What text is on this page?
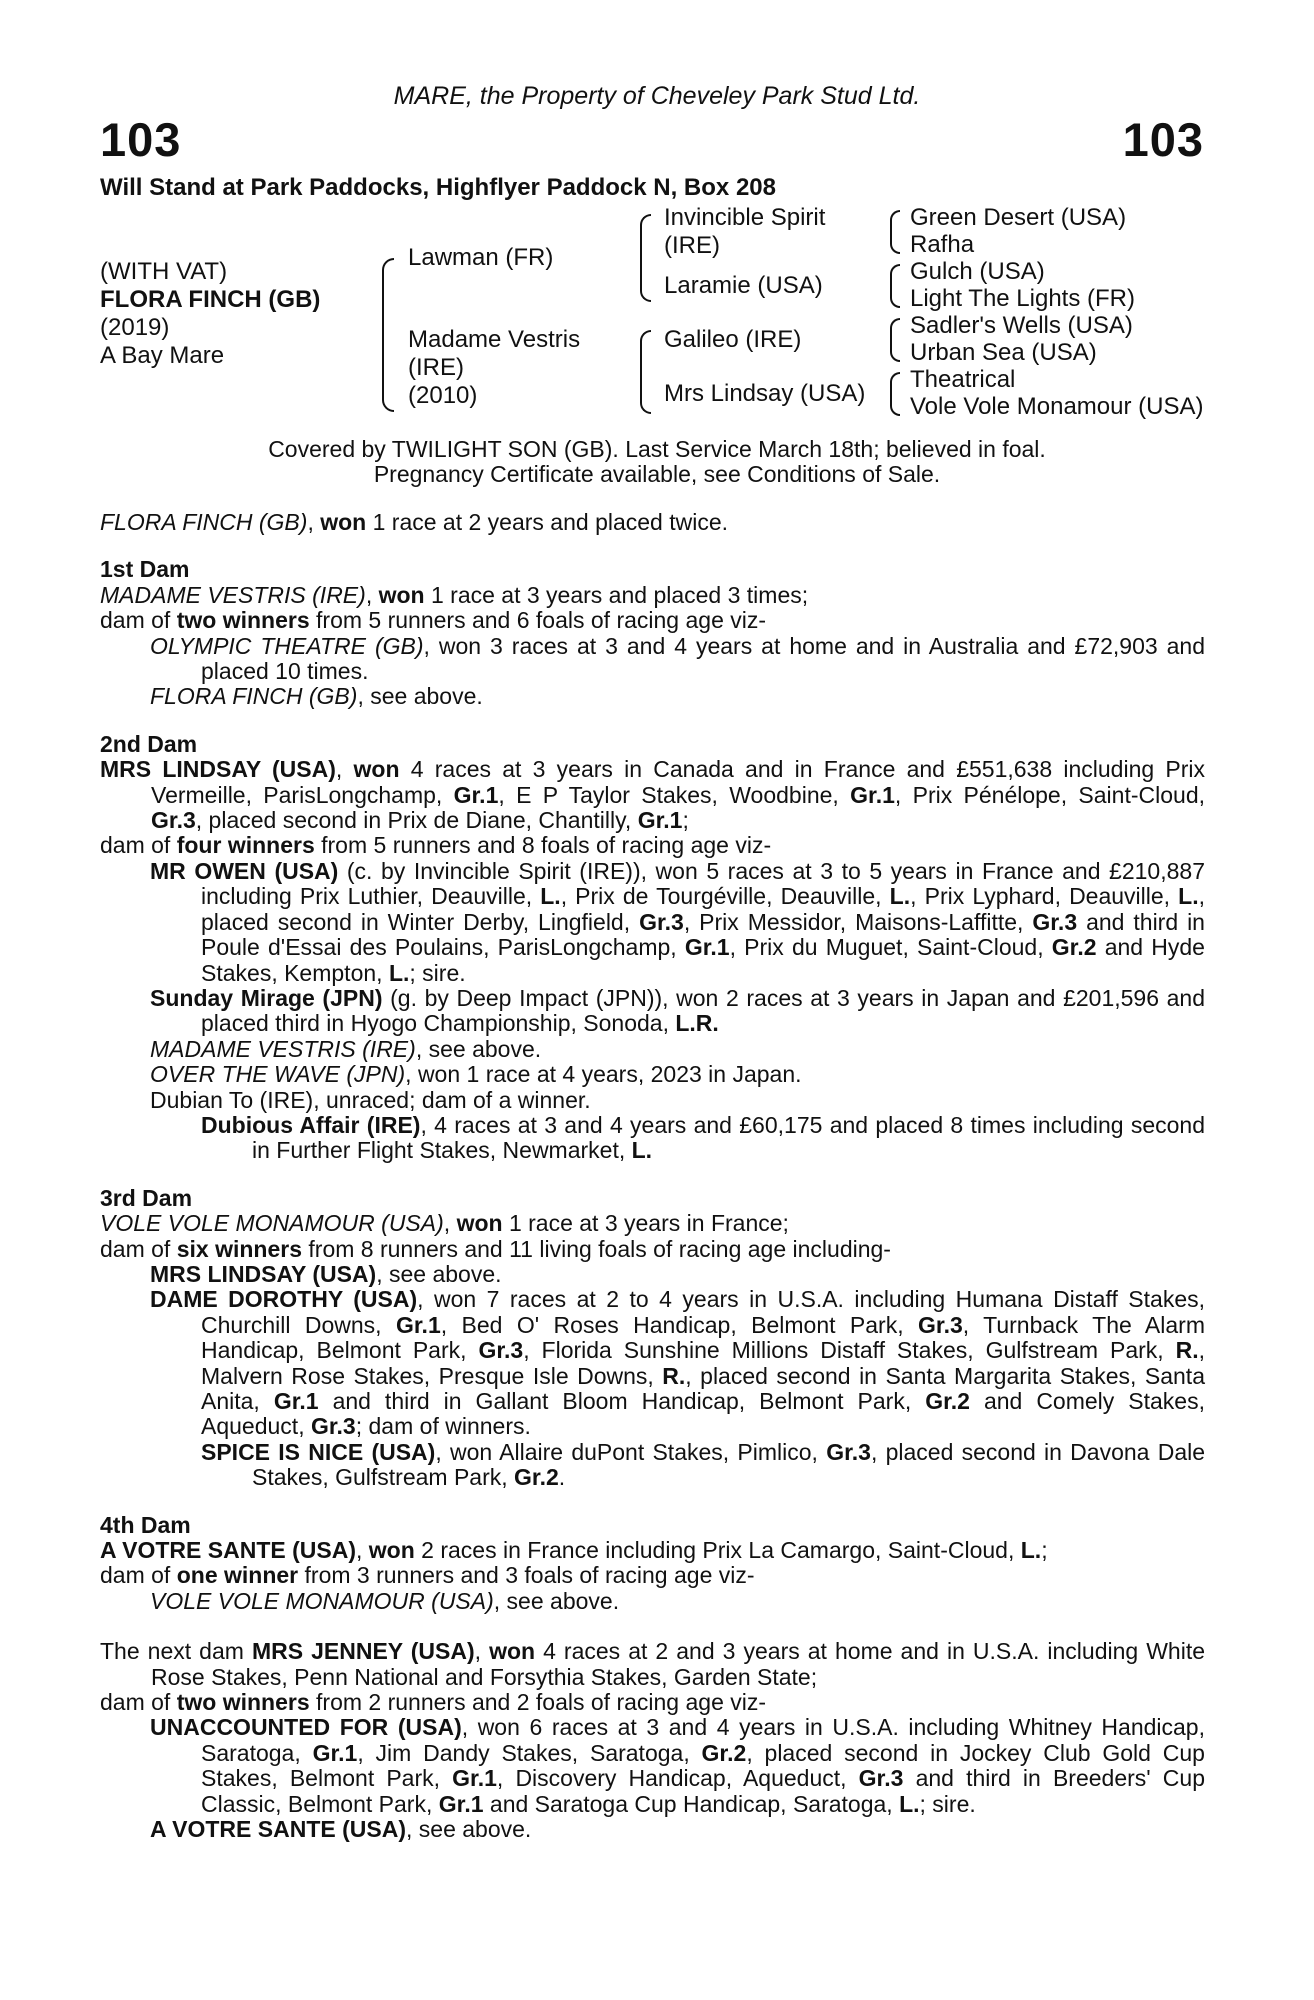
MARE, the Property of Cheveley Park Stud Ltd.
103	103
Will Stand at Park Paddocks, Highflyer Paddock N, Box 208
(WITH VAT)
FLORA FINCH (GB)
(2019)
A Bay Mare
Lawman (FR)
Madame Vestris
(IRE)
(2010)
Invincible Spirit
(IRE)
Laramie (USA)
Galileo (IRE)
Mrs Lindsay (USA)
Green Desert (USA)
Rafha
Gulch (USA)
Light The Lights (FR)
Sadler's Wells (USA)
Urban Sea (USA)
Theatrical
Vole Vole Monamour (USA)
Covered by TWILIGHT SON (GB). Last Service March 18th; believed in foal.
Pregnancy Certificate available, see Conditions of Sale.

FLORA FINCH (GB), won 1 race at 2 years and placed twice.

1st Dam

MADAME VESTRIS (IRE), won 1 race at 3 years and placed 3 times;

dam of two winners from 5 runners and 6 foals of racing age viz-

OLYMPIC THEATRE (GB), won 3 races at 3 and 4 years at home and in Australia and £72,903 and placed 10 times.

FLORA FINCH (GB), see above.

2nd Dam

MRS LINDSAY (USA), won 4 races at 3 years in Canada and in France and £551,638 including Prix Vermeille, ParisLongchamp, Gr.1, E P Taylor Stakes, Woodbine, Gr.1, Prix Pénélope, Saint-Cloud, Gr.3, placed second in Prix de Diane, Chantilly, Gr.1;

dam of four winners from 5 runners and 8 foals of racing age viz-

MR OWEN (USA) (c. by Invincible Spirit (IRE)), won 5 races at 3 to 5 years in France and £210,887 including Prix Luthier, Deauville, L., Prix de Tourgéville, Deauville, L., Prix Lyphard, Deauville, L., placed second in Winter Derby, Lingfield, Gr.3, Prix Messidor, Maisons-Laffitte, Gr.3 and third in Poule d'Essai des Poulains, ParisLongchamp, Gr.1, Prix du Muguet, Saint-Cloud, Gr.2 and Hyde Stakes, Kempton, L.; sire.

Sunday Mirage (JPN) (g. by Deep Impact (JPN)), won 2 races at 3 years in Japan and £201,596 and placed third in Hyogo Championship, Sonoda, L.R.

MADAME VESTRIS (IRE), see above.

OVER THE WAVE (JPN), won 1 race at 4 years, 2023 in Japan.

Dubian To (IRE), unraced; dam of a winner.

Dubious Affair (IRE), 4 races at 3 and 4 years and £60,175 and placed 8 times including second in Further Flight Stakes, Newmarket, L.

3rd Dam

VOLE VOLE MONAMOUR (USA), won 1 race at 3 years in France;

dam of six winners from 8 runners and 11 living foals of racing age including-

MRS LINDSAY (USA), see above.

DAME DOROTHY (USA), won 7 races at 2 to 4 years in U.S.A. including Humana Distaff Stakes, Churchill Downs, Gr.1, Bed O' Roses Handicap, Belmont Park, Gr.3, Turnback The Alarm Handicap, Belmont Park, Gr.3, Florida Sunshine Millions Distaff Stakes, Gulfstream Park, R., Malvern Rose Stakes, Presque Isle Downs, R., placed second in Santa Margarita Stakes, Santa Anita, Gr.1 and third in Gallant Bloom Handicap, Belmont Park, Gr.2 and Comely Stakes, Aqueduct, Gr.3; dam of winners.

SPICE IS NICE (USA), won Allaire duPont Stakes, Pimlico, Gr.3, placed second in Davona Dale Stakes, Gulfstream Park, Gr.2.

4th Dam

A VOTRE SANTE (USA), won 2 races in France including Prix La Camargo, Saint-Cloud, L.;

dam of one winner from 3 runners and 3 foals of racing age viz-

VOLE VOLE MONAMOUR (USA), see above.

The next dam MRS JENNEY (USA), won 4 races at 2 and 3 years at home and in U.S.A. including White Rose Stakes, Penn National and Forsythia Stakes, Garden State;

dam of two winners from 2 runners and 2 foals of racing age viz-

UNACCOUNTED FOR (USA), won 6 races at 3 and 4 years in U.S.A. including Whitney Handicap, Saratoga, Gr.1, Jim Dandy Stakes, Saratoga, Gr.2, placed second in Jockey Club Gold Cup Stakes, Belmont Park, Gr.1, Discovery Handicap, Aqueduct, Gr.3 and third in Breeders' Cup Classic, Belmont Park, Gr.1 and Saratoga Cup Handicap, Saratoga, L.; sire.

A VOTRE SANTE (USA), see above.
